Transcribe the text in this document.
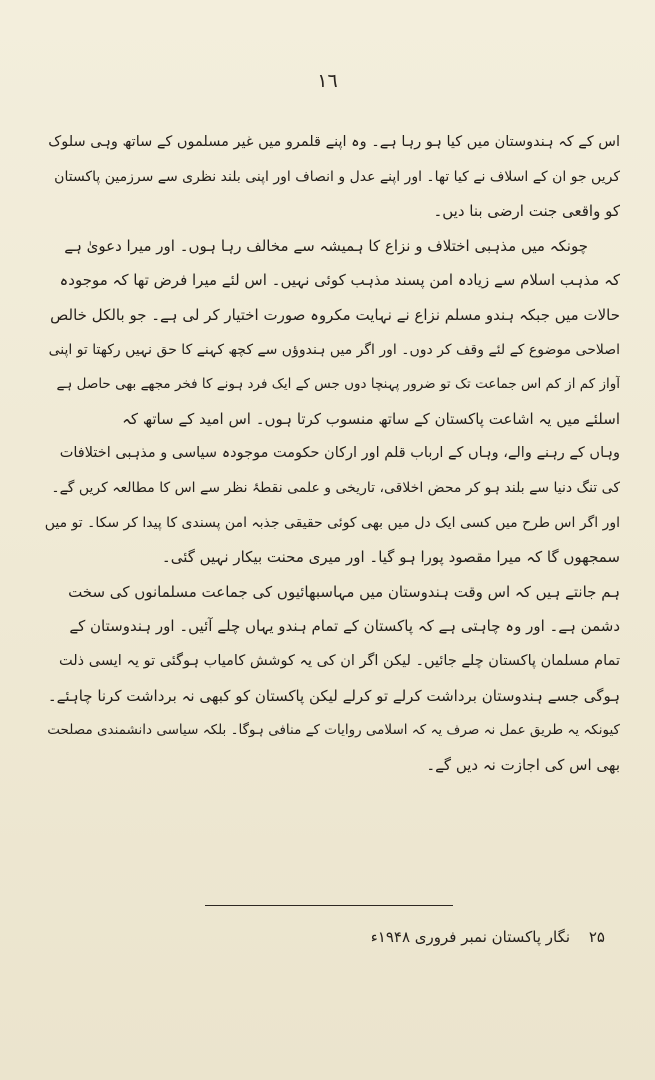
١٦
اس کے کہ ہندوستان میں کیا ہو رہا ہے۔ وہ اپنے قلمرو میں غیر مسلموں کے ساتھ وہی سلوک
کریں جو ان کے اسلاف نے کیا تھا۔ اور اپنے عدل و انصاف اور اپنی بلند نظری سے سرزمین پاکستان
کو واقعی جنت ارضی بنا دیں۔
چونکہ میں مذہبی اختلاف و نزاع کا ہمیشہ سے مخالف رہا ہوں۔ اور میرا دعویٰ ہے
کہ مذہب اسلام سے زیادہ امن پسند مذہب کوئی نہیں۔ اس لئے میرا فرض تھا کہ موجودہ
حالات میں جبکہ ہندو مسلم نزاع نے نہایت مکروہ صورت اختیار کر لی ہے۔ جو بالکل خالص
اصلاحی موضوع کے لئے وقف کر دوں۔ اور اگر میں ہندوؤں سے کچھ کہنے کا حق نہیں رکھتا تو اپنی
آواز کم از کم اس جماعت تک تو ضرور پہنچا دوں جس کے ایک فرد ہونے کا فخر مجھے بھی حاصل ہے
اسلئے میں یہ اشاعت پاکستان کے ساتھ منسوب کرتا ہوں۔ اس امید کے ساتھ کہ
وہاں کے رہنے والے، وہاں کے ارباب قلم اور ارکان حکومت موجودہ سیاسی و مذہبی اختلافات
کی تنگ دنیا سے بلند ہو کر محض اخلاقی، تاریخی و علمی نقطۂ نظر سے اس کا مطالعہ کریں گے۔
اور اگر اس طرح میں کسی ایک دل میں بھی کوئی حقیقی جذبہ امن پسندی کا پیدا کر سکا۔ تو میں
سمجھوں گا کہ میرا مقصود پورا ہو گیا۔ اور میری محنت بیکار نہیں گئی۔
ہم جانتے ہیں کہ اس وقت ہندوستان میں مہاسبھائیوں کی جماعت مسلمانوں کی سخت
دشمن ہے۔ اور وہ چاہتی ہے کہ پاکستان کے تمام ہندو یہاں چلے آئیں۔ اور ہندوستان کے
تمام مسلمان پاکستان چلے جائیں۔ لیکن اگر ان کی یہ کوشش کامیاب ہوگئی تو یہ ایسی ذلت
ہوگی جسے ہندوستان برداشت کرلے تو کرلے لیکن پاکستان کو کبھی نہ برداشت کرنا چاہئے۔
کیونکہ یہ طریق عمل نہ صرف یہ کہ اسلامی روایات کے منافی ہوگا۔ بلکہ سیاسی دانشمندی مصلحت
بھی اس کی اجازت نہ دیں گے۔
۲۵ نگار پاکستان نمبر فروری ۱۹۴۸ء
